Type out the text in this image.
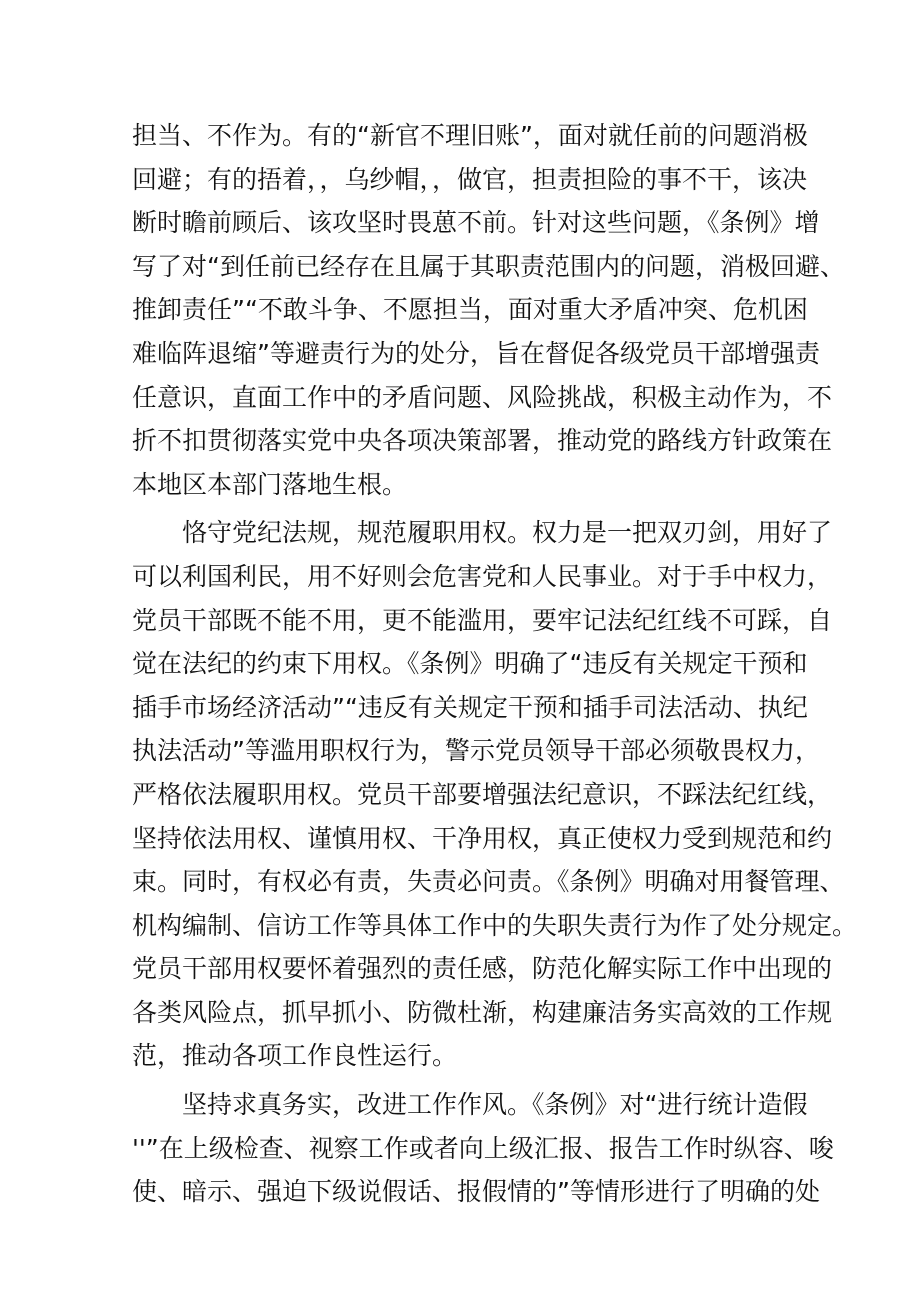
担当、不作为。有的“新官不理旧账”，面对就任前的问题消极
回避；有的捂着，，乌纱帽，，做官，担责担险的事不干，该决
断时瞻前顾后、该攻坚时畏葸不前。针对这些问题，《条例》增
写了对“到任前已经存在且属于其职责范围内的问题，消极回避、
推卸责任”“不敢斗争、不愿担当，面对重大矛盾冲突、危机困
难临阵退缩”等避责行为的处分，旨在督促各级党员干部增强责
任意识，直面工作中的矛盾问题、风险挑战，积极主动作为，不
折不扣贯彻落实党中央各项决策部署，推动党的路线方针政策在
本地区本部门落地生根。
　　恪守党纪法规，规范履职用权。权力是一把双刃剑，用好了
可以利国利民，用不好则会危害党和人民事业。对于手中权力，
党员干部既不能不用，更不能滥用，要牢记法纪红线不可踩，自
觉在法纪的约束下用权。《条例》明确了“违反有关规定干预和
插手市场经济活动”“违反有关规定干预和插手司法活动、执纪
执法活动”等滥用职权行为，警示党员领导干部必须敬畏权力，
严格依法履职用权。党员干部要增强法纪意识，不踩法纪红线，
坚持依法用权、谨慎用权、干净用权，真正使权力受到规范和约
束。同时，有权必有责，失责必问责。《条例》明确对用餐管理、
机构编制、信访工作等具体工作中的失职失责行为作了处分规定。
党员干部用权要怀着强烈的责任感，防范化解实际工作中出现的
各类风险点，抓早抓小、防微杜渐，构建廉洁务实高效的工作规
范，推动各项工作良性运行。
　　坚持求真务实，改进工作作风。《条例》对“进行统计造假
''”在上级检查、视察工作或者向上级汇报、报告工作时纵容、唆
使、暗示、强迫下级说假话、报假情的”等情形进行了明确的处
